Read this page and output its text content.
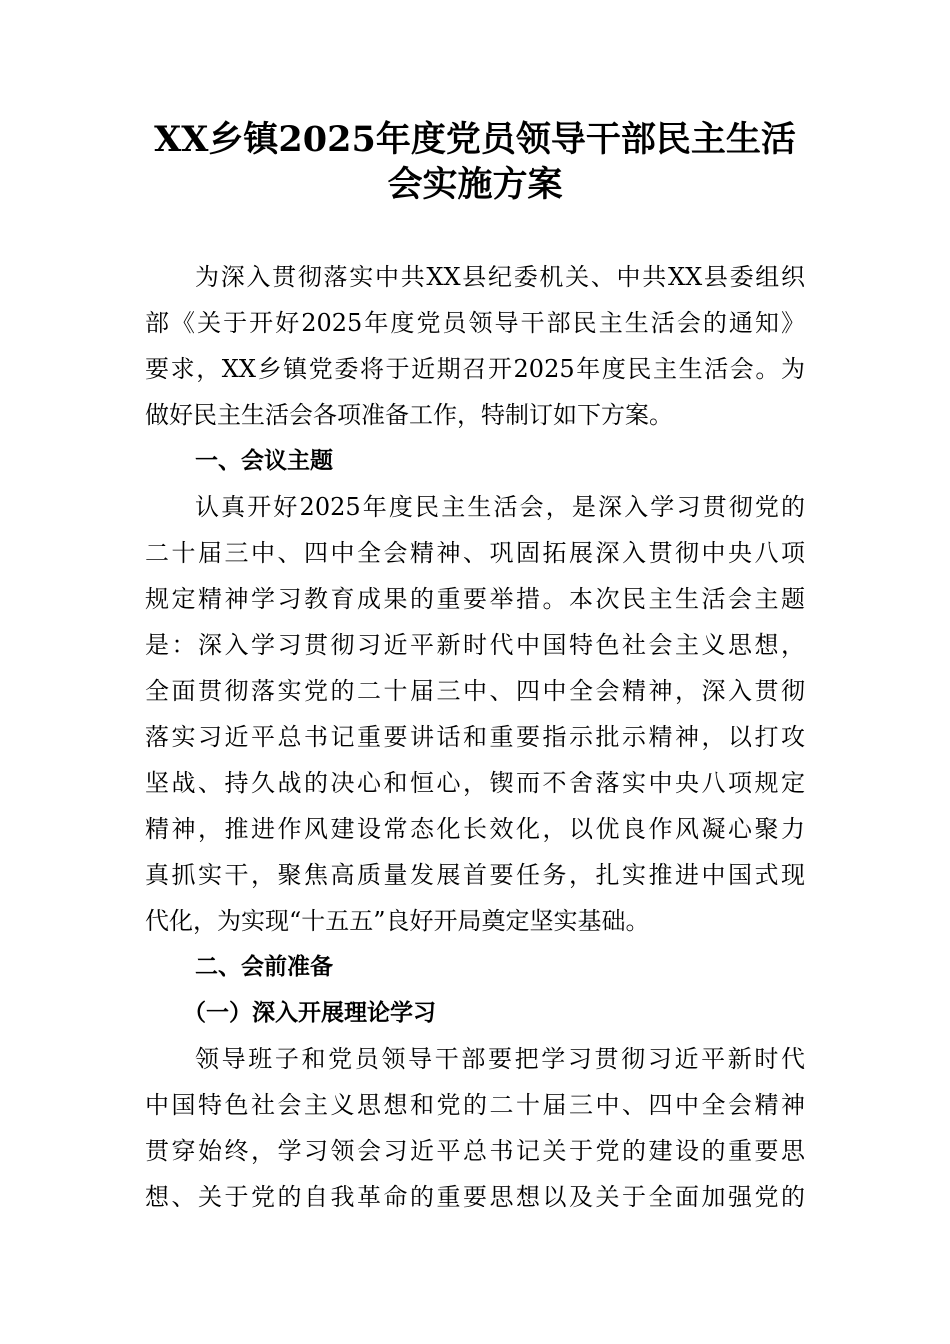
XX乡镇2025年度党员领导干部民主生活
会实施方案
为深入贯彻落实中共XX县纪委机关、中共XX县委组织
部《关于开好2025年度党员领导干部民主生活会的通知》
要求，XX乡镇党委将于近期召开2025年度民主生活会。为
做好民主生活会各项准备工作，特制订如下方案。
一、会议主题
认真开好2025年度民主生活会，是深入学习贯彻党的
二十届三中、四中全会精神、巩固拓展深入贯彻中央八项
规定精神学习教育成果的重要举措。本次民主生活会主题
是：深入学习贯彻习近平新时代中国特色社会主义思想，
全面贯彻落实党的二十届三中、四中全会精神，深入贯彻
落实习近平总书记重要讲话和重要指示批示精神，以打攻
坚战、持久战的决心和恒心，锲而不舍落实中央八项规定
精神，推进作风建设常态化长效化，以优良作风凝心聚力
真抓实干，聚焦高质量发展首要任务，扎实推进中国式现
代化，为实现“十五五”良好开局奠定坚实基础。
二、会前准备
（一）深入开展理论学习
领导班子和党员领导干部要把学习贯彻习近平新时代
中国特色社会主义思想和党的二十届三中、四中全会精神
贯穿始终，学习领会习近平总书记关于党的建设的重要思
想、关于党的自我革命的重要思想以及关于全面加强党的
